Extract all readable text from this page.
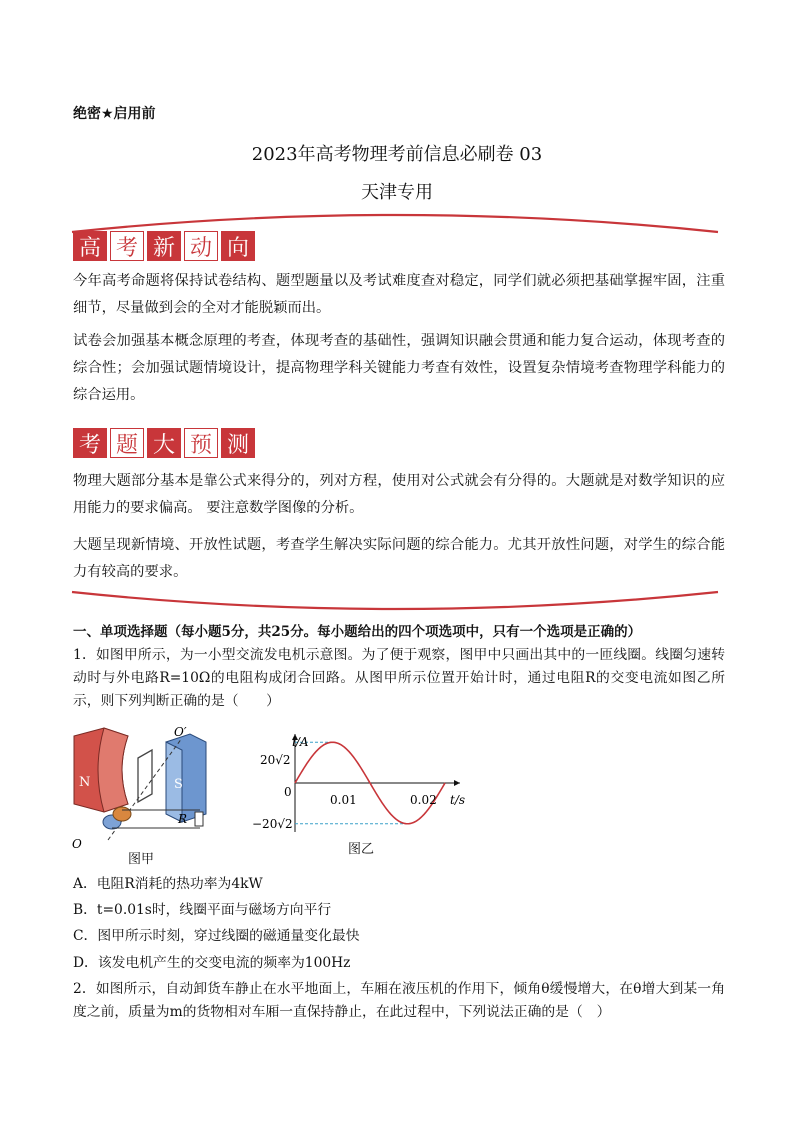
绝密★启用前
2023年高考物理考前信息必刷卷 03
天津专用
高 考 新 动 向
今年高考命题将保持试卷结构、题型题量以及考试难度查对稳定，同学们就必须把基础掌握牢固，注重细节，尽量做到会的全对才能脱颖而出。
试卷会加强基本概念原理的考查，体现考查的基础性，强调知识融会贯通和能力复合运动，体现考查的综合性；会加强试题情境设计，提高物理学科关键能力考查有效性，设置复杂情境考查物理学科能力的综合运用。
考 题 大 预 测
物理大题部分基本是靠公式来得分的，列对方程，使用对公式就会有分得的。大题就是对数学知识的应用能力的要求偏高。 要注意数学图像的分析。
大题呈现新情境、开放性试题，考查学生解决实际问题的综合能力。尤其开放性问题，对学生的综合能力有较高的要求。
一、单项选择题（每小题5分，共25分。每小题给出的四个项选项中，只有一个选项是正确的）
1．如图甲所示，为一小型交流发电机示意图。为了便于观察，图甲中只画出其中的一匝线圈。线圈匀速转动时与外电路R=10Ω的电阻构成闭合回路。从图甲所示位置开始计时，通过电阻R的交变电流如图乙所示，则下列判断正确的是（　　）
N	S
O′
O
R
图甲
i/A
t/s
0
20√2
−20√2
0.01	0.02
图乙
A．电阻R消耗的热功率为4kW
B．t=0.01s时，线圈平面与磁场方向平行
C．图甲所示时刻，穿过线圈的磁通量变化最快
D．该发电机产生的交变电流的频率为100Hz
2．如图所示，自动卸货车静止在水平地面上，车厢在液压机的作用下，倾角θ缓慢增大，在θ增大到某一角度之前，质量为m的货物相对车厢一直保持静止，在此过程中，下列说法正确的是（　）
